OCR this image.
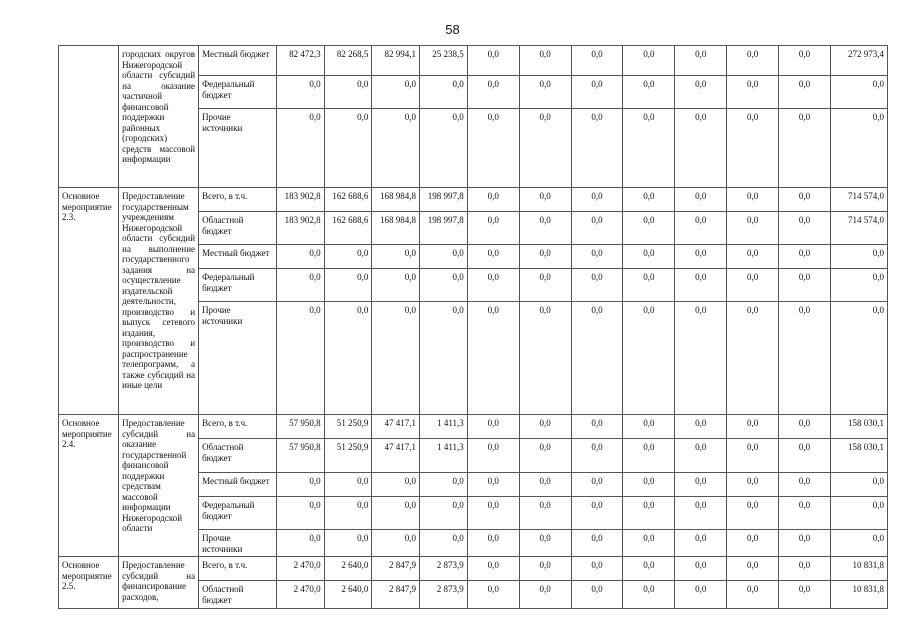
58
	городских округов Нижегородской области субсидий на оказание частичной финансовой поддержки районных (городских) средств массовой информации	Местный бюджет	82 472,3	82 268,5	82 994,1	25 238,5	0,0	0,0	0,0	0,0	0,0	0,0	0,0	272 973,4
		Федеральный бюджет	0,0	0,0	0,0	0,0	0,0	0,0	0,0	0,0	0,0	0,0	0,0	0,0
		Прочие источники	0,0	0,0	0,0	0,0	0,0	0,0	0,0	0,0	0,0	0,0	0,0	0,0
Основное мероприятие 2.3.	Предоставление государственным учреждениям Нижегородской области субсидий на выполнение государственного задания на осуществление издательской деятельности, производство и выпуск сетевого издания, производство и распространение телепрограмм, а также субсидий на иные цели	Всего, в т.ч.	183 902,8	162 688,6	168 984,8	198 997,8	0,0	0,0	0,0	0,0	0,0	0,0	0,0	714 574,0
		Областной бюджет	183 902,8	162 688,6	168 984,8	198 997,8	0,0	0,0	0,0	0,0	0,0	0,0	0,0	714 574,0
		Местный бюджет	0,0	0,0	0,0	0,0	0,0	0,0	0,0	0,0	0,0	0,0	0,0	0,0
		Федеральный бюджет	0,0	0,0	0,0	0,0	0,0	0,0	0,0	0,0	0,0	0,0	0,0	0,0
		Прочие источники	0,0	0,0	0,0	0,0	0,0	0,0	0,0	0,0	0,0	0,0	0,0	0,0
Основное мероприятие 2.4.	Предоставление субсидий на оказание государственной финансовой поддержки средствам массовой информации Нижегородской области	Всего, в т.ч.	57 950,8	51 250,9	47 417,1	1 411,3	0,0	0,0	0,0	0,0	0,0	0,0	0,0	158 030,1
		Областной бюджет	57 950,8	51 250,9	47 417,1	1 411,3	0,0	0,0	0,0	0,0	0,0	0,0	0,0	158 030,1
		Местный бюджет	0,0	0,0	0,0	0,0	0,0	0,0	0,0	0,0	0,0	0,0	0,0	0,0
		Федеральный бюджет	0,0	0,0	0,0	0,0	0,0	0,0	0,0	0,0	0,0	0,0	0,0	0,0
		Прочие источники	0,0	0,0	0,0	0,0	0,0	0,0	0,0	0,0	0,0	0,0	0,0	0,0
Основное мероприятие 2.5.	Предоставление субсидий на финансирование расходов,	Всего, в т.ч.	2 470,0	2 640,0	2 847,9	2 873,9	0,0	0,0	0,0	0,0	0,0	0,0	0,0	10 831,8
		Областной бюджет	2 470,0	2 640,0	2 847,9	2 873,9	0,0	0,0	0,0	0,0	0,0	0,0	0,0	10 831,8
